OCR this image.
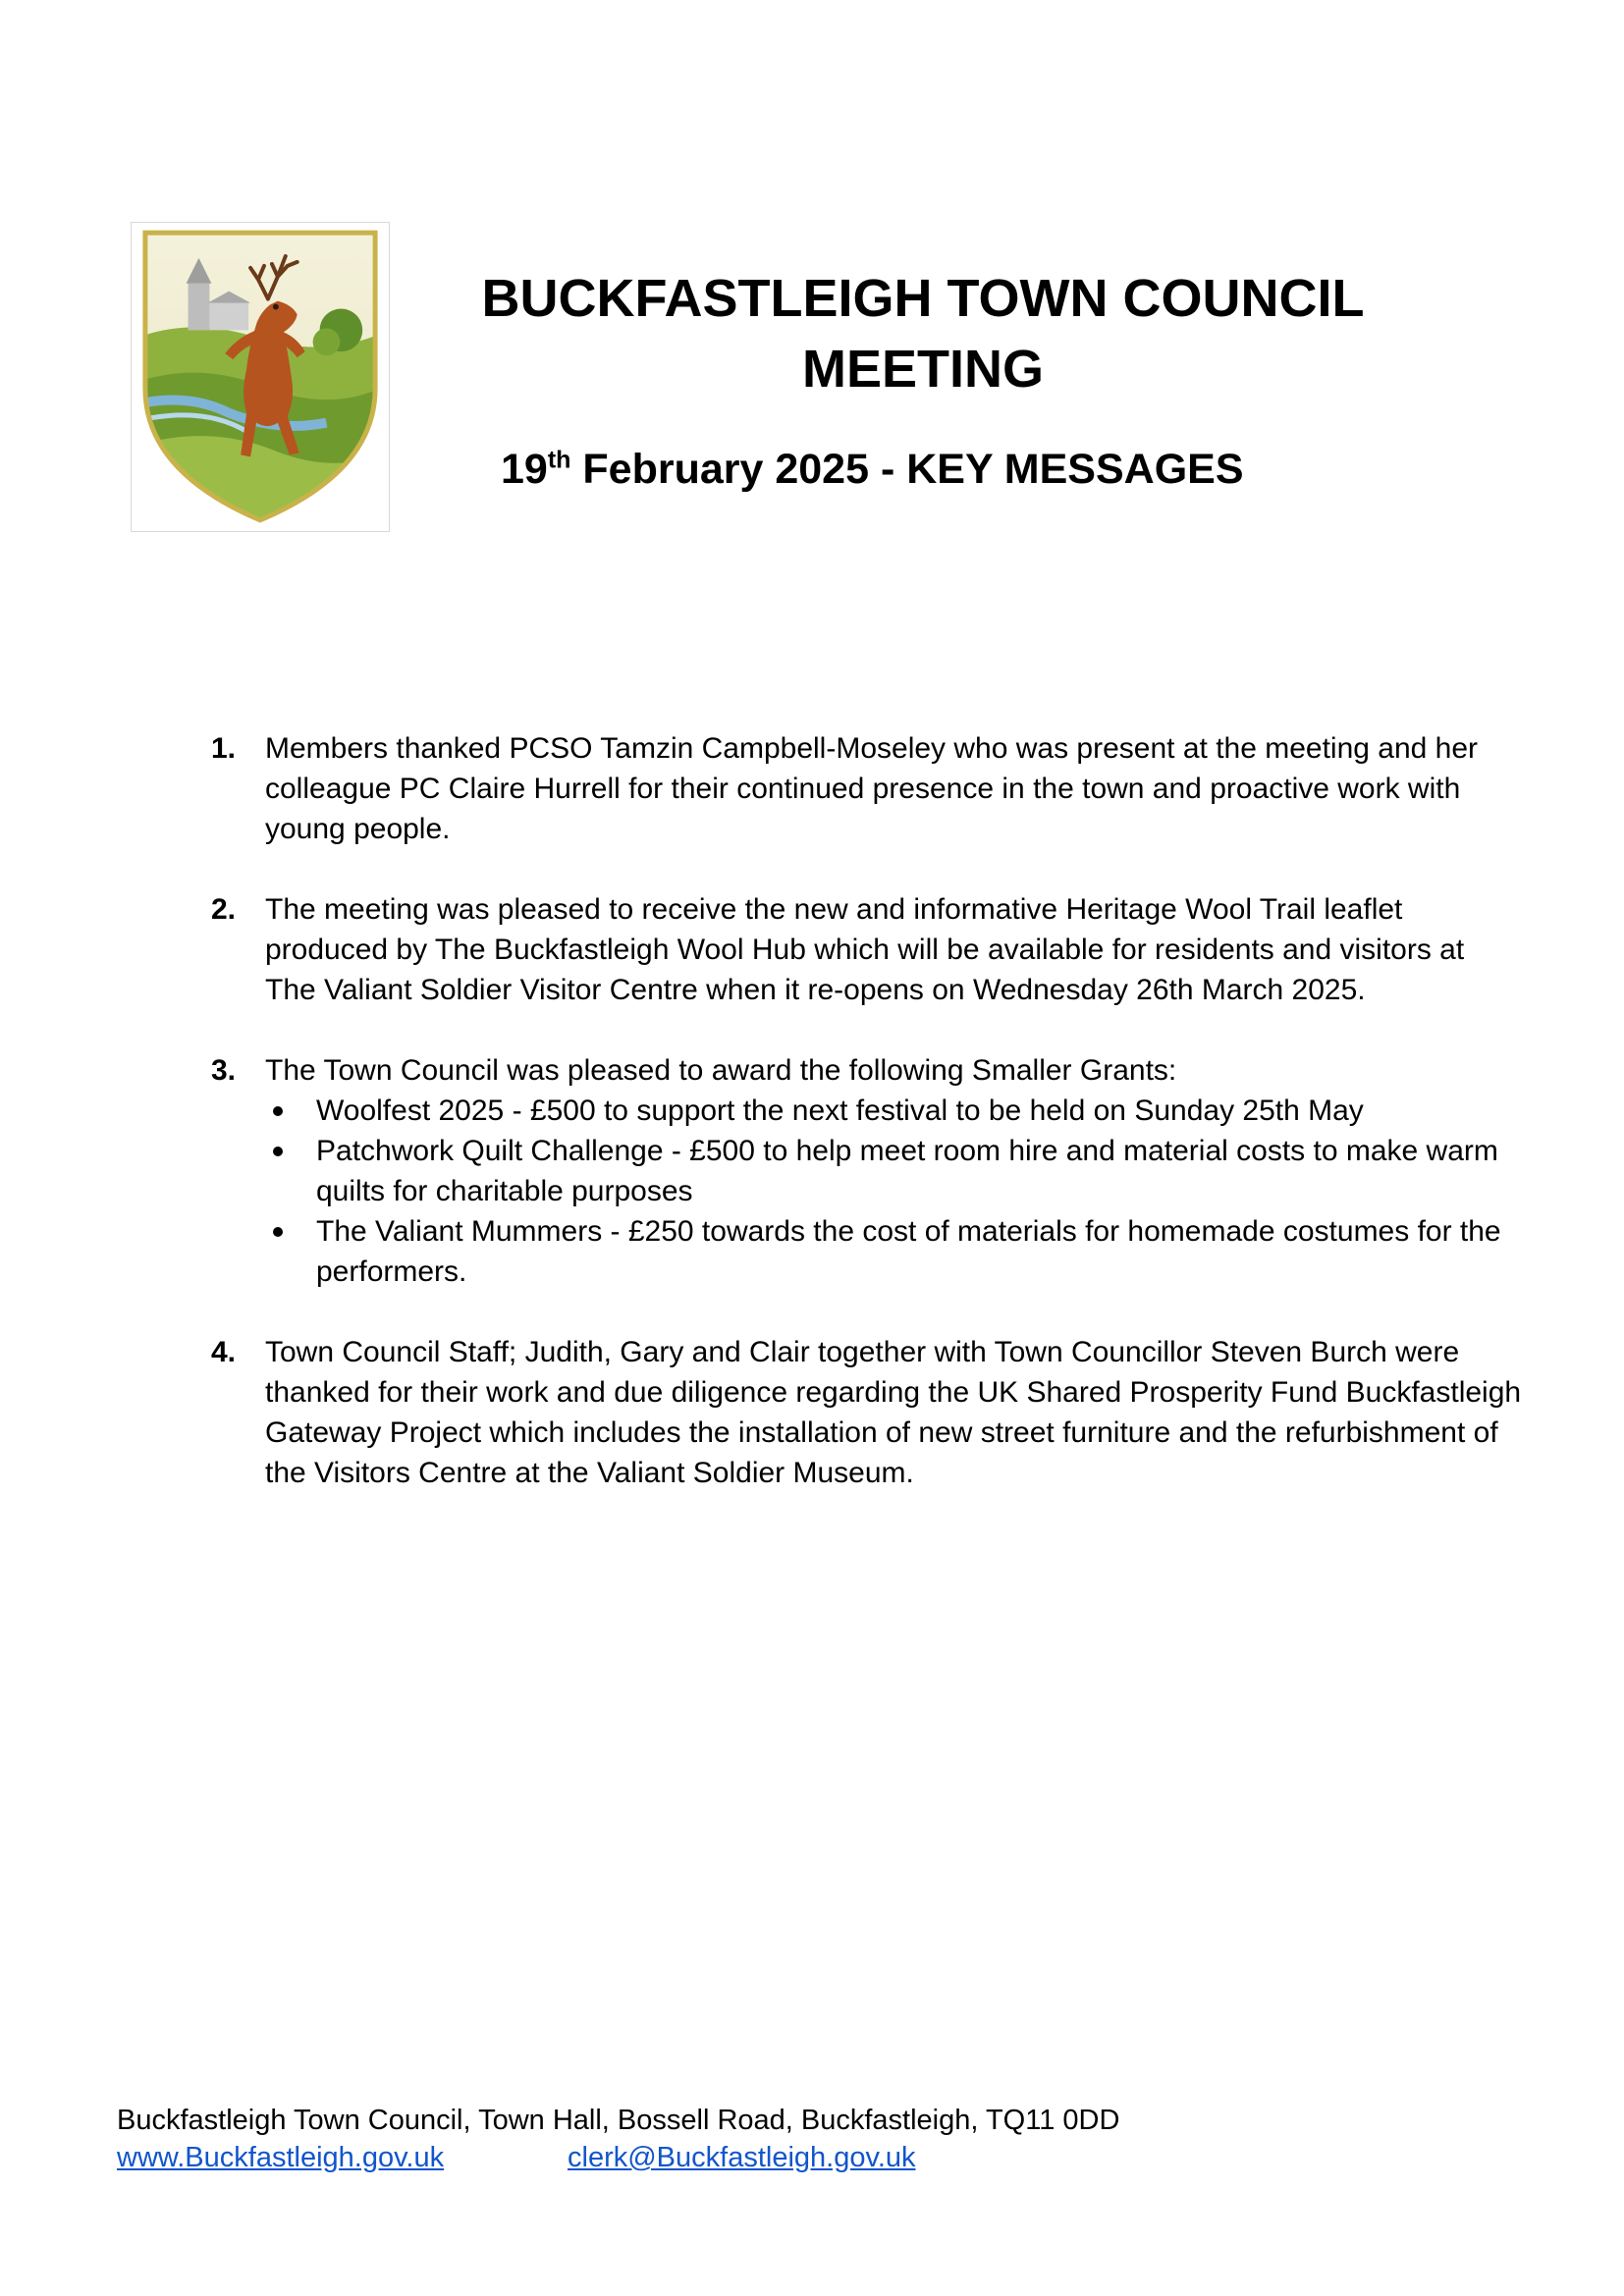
BUCKFASTLEIGH TOWN COUNCIL
MEETING
19th February 2025 - KEY MESSAGES
1. Members thanked PCSO Tamzin Campbell-Moseley who was present at the meeting and her colleague PC Claire Hurrell for their continued presence in the town and proactive work with young people.
2. The meeting was pleased to receive the new and informative Heritage Wool Trail leaflet produced by The Buckfastleigh Wool Hub which will be available for residents and visitors at The Valiant Soldier Visitor Centre when it re-opens on Wednesday 26th March 2025.
3. The Town Council was pleased to award the following Smaller Grants:
Woolfest 2025 - £500 to support the next festival to be held on Sunday 25th May
Patchwork Quilt Challenge - £500 to help meet room hire and material costs to make warm quilts for charitable purposes
The Valiant Mummers - £250 towards the cost of materials for homemade costumes for the performers.
4. Town Council Staff; Judith, Gary and Clair together with Town Councillor Steven Burch were thanked for their work and due diligence regarding the UK Shared Prosperity Fund Buckfastleigh Gateway Project which includes the installation of new street furniture and the refurbishment of the Visitors Centre at the Valiant Soldier Museum.
Buckfastleigh Town Council, Town Hall, Bossell Road, Buckfastleigh, TQ11 0DD
www.Buckfastleigh.gov.uk	clerk@Buckfastleigh.gov.uk
